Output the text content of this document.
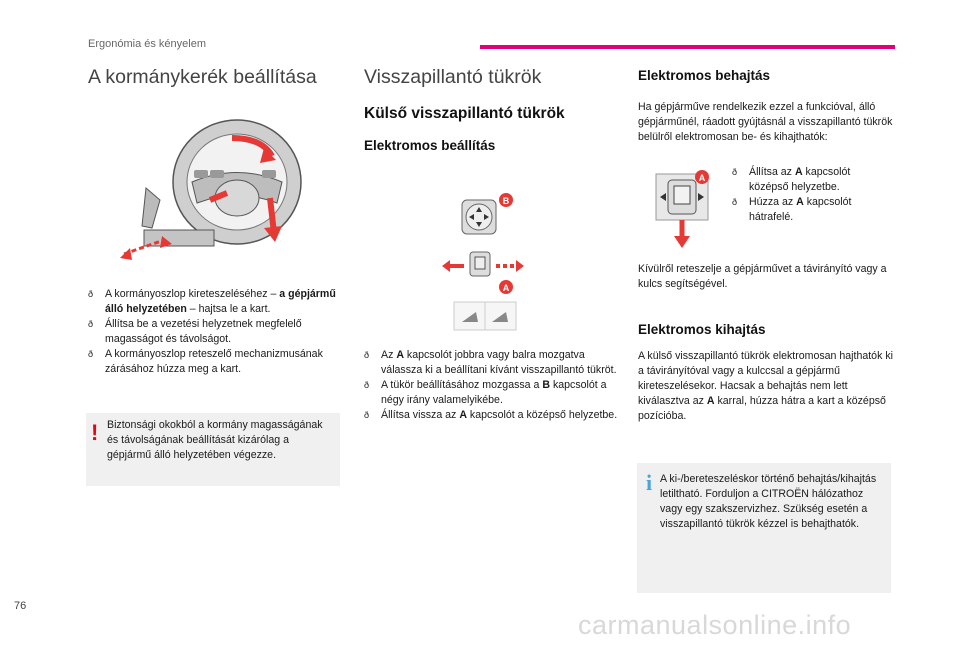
Ergonómia és kényelem
A kormánykerék beállítása
ð A kormányoszlop kireteszeléséhez – a gépjármű álló helyzetében – hajtsa le a kart.
ð Állítsa be a vezetési helyzetnek megfelelő magasságot és távolságot.
ð A kormányoszlop reteszelő mechanizmusának zárásához húzza meg a kart.
! Biztonsági okokból a kormány magasságának és távolságának beállítását kizárólag a gépjármű álló helyzetében végezze.
Visszapillantó tükrök
Külső visszapillantó tükrök
Elektromos beállítás
B
A
ð Az A kapcsolót jobbra vagy balra mozgatva válassza ki a beállítani kívánt visszapillantó tükröt.
ð A tükör beállításához mozgassa a B kapcsolót a négy irány valamelyikébe.
ð Állítsa vissza az A kapcsolót a középső helyzetbe.
Elektromos behajtás
Ha gépjárműve rendelkezik ezzel a funkcióval, álló gépjárműnél, ráadott gyújtásnál a visszapillantó tükrök belülről elektromosan be- és kihajthatók:
A
ð	Állítsa az A kapcsolót középső helyzetbe.
ð Húzza az A kapcsolót hátrafelé.
Kívülről reteszelje a gépjárművet a távirányító vagy a kulcs segítségével.
Elektromos kihajtás
A külső visszapillantó tükrök elektromosan hajthatók ki a távirányítóval vagy a kulccsal a gépjármű kireteszelésekor. Hacsak a behajtás nem lett kiválasztva az A karral, húzza hátra a kart a középső pozícióba.
i A ki-/bereteszeléskor történő behajtás/kihajtás letiltható. Forduljon a CITROËN hálózathoz vagy egy szakszervizhez. Szükség esetén a visszapillantó tükrök kézzel is behajthatók.
76
carmanualsonline.info
